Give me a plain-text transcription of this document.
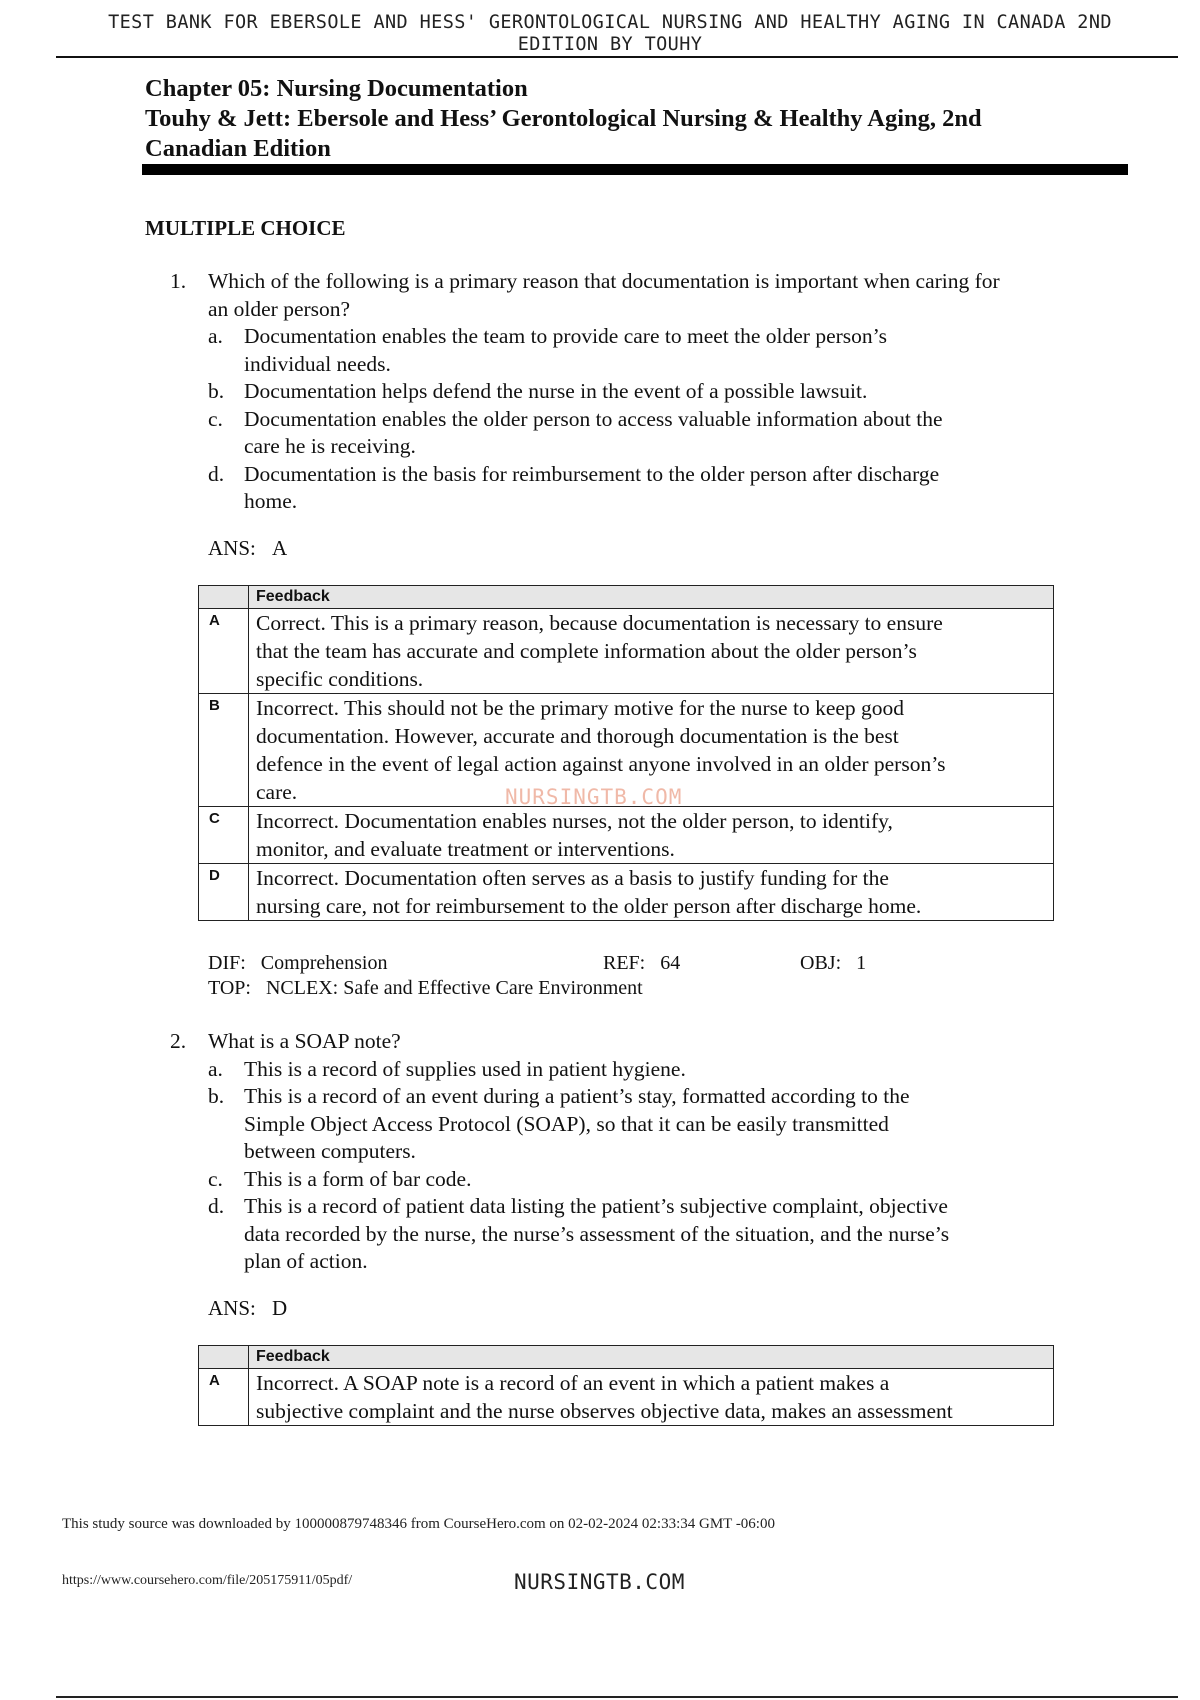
TEST BANK FOR EBERSOLE AND HESS' GERONTOLOGICAL NURSING AND HEALTHY AGING IN CANADA 2ND
EDITION BY TOUHY
Chapter 05: Nursing Documentation
Touhy & Jett: Ebersole and Hess’ Gerontological Nursing & Healthy Aging, 2nd
Canadian Edition
MULTIPLE CHOICE
1.	Which of the following is a primary reason that documentation is important when caring for
an older person?
a. Documentation enables the team to provide care to meet the older person’s
individual needs.
b. Documentation helps defend the nurse in the event of a possible lawsuit.
c. Documentation enables the older person to access valuable information about the
care he is receiving.
d. Documentation is the basis for reimbursement to the older person after discharge
home.
ANS: A
	Feedback
A	Correct. This is a primary reason, because documentation is necessary to ensure
that the team has accurate and complete information about the older person’s
specific conditions.

B	Incorrect. This should not be the primary motive for the nurse to keep good
documentation. However, accurate and thorough documentation is the best
defence in the event of legal action against anyone involved in an older person’s
care.

C	Incorrect. Documentation enables nurses, not the older person, to identify,
monitor, and evaluate treatment or interventions.

D	Incorrect. Documentation often serves as a basis to justify funding for the
nursing care, not for reimbursement to the older person after discharge home.
NURSINGTB.COM
DIF: Comprehension	REF: 64	OBJ: 1
TOP: NCLEX: Safe and Effective Care Environment
2.	What is a SOAP note?
a. This is a record of supplies used in patient hygiene.
b. This is a record of an event during a patient’s stay, formatted according to the
Simple Object Access Protocol (SOAP), so that it can be easily transmitted
between computers.
c. This is a form of bar code.
d. This is a record of patient data listing the patient’s subjective complaint, objective
data recorded by the nurse, the nurse’s assessment of the situation, and the nurse’s
plan of action.
ANS: D
	Feedback
A	Incorrect. A SOAP note is a record of an event in which a patient makes a
subjective complaint and the nurse observes objective data, makes an assessment
This study source was downloaded by 100000879748346 from CourseHero.com on 02-02-2024 02:33:34 GMT -06:00
https://www.coursehero.com/file/205175911/05pdf/	NURSINGTB.COM
